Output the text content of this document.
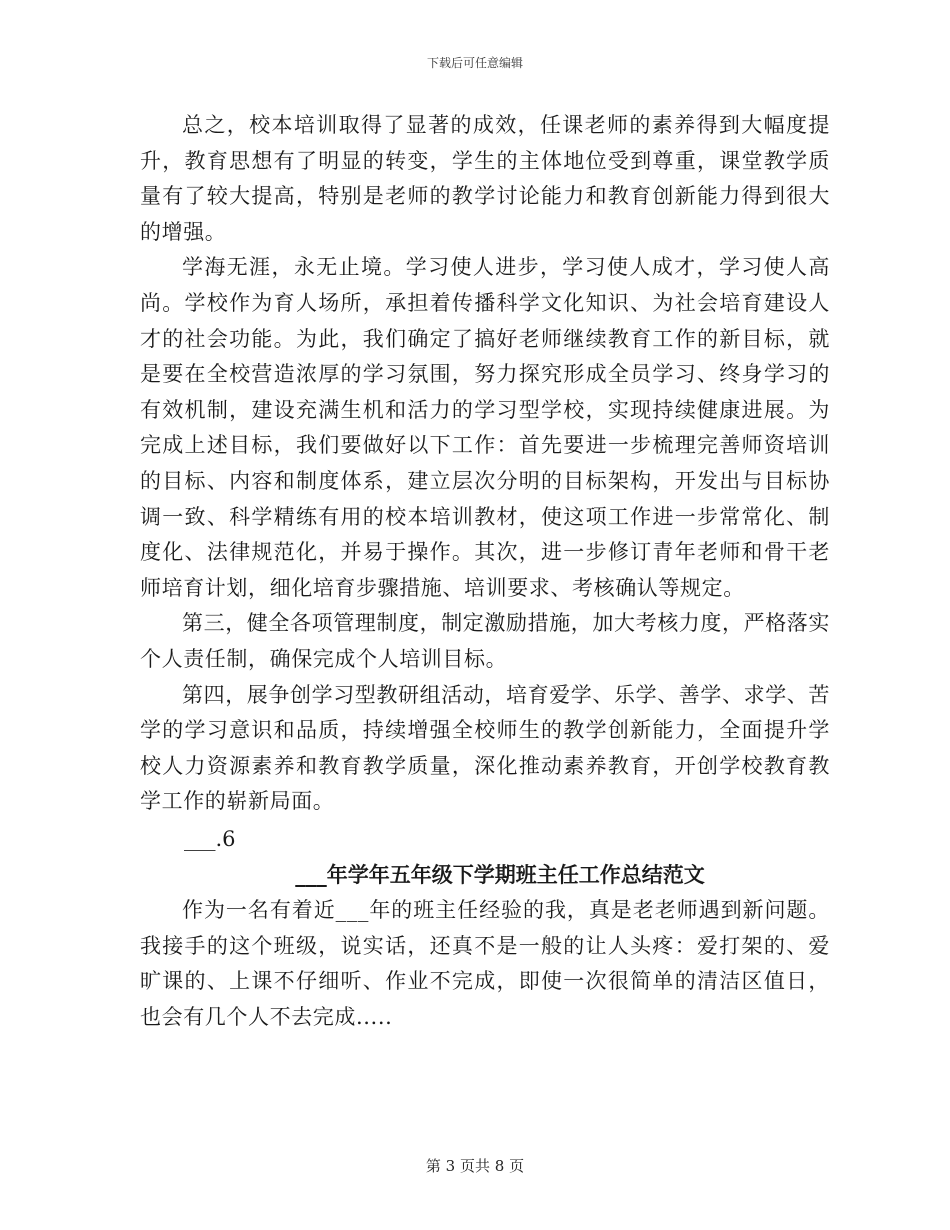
下载后可任意编辑

总之，校本培训取得了显著的成效，任课老师的素养得到大幅度提升，教育思想有了明显的转变，学生的主体地位受到尊重，课堂教学质量有了较大提高，特别是老师的教学讨论能力和教育创新能力得到很大的增强。

学海无涯，永无止境。学习使人进步，学习使人成才，学习使人高尚。学校作为育人场所，承担着传播科学文化知识、为社会培育建设人才的社会功能。为此，我们确定了搞好老师继续教育工作的新目标，就是要在全校营造浓厚的学习氛围，努力探究形成全员学习、终身学习的有效机制，建设充满生机和活力的学习型学校，实现持续健康进展。为完成上述目标，我们要做好以下工作：首先要进一步梳理完善师资培训的目标、内容和制度体系，建立层次分明的目标架构，开发出与目标协调一致、科学精练有用的校本培训教材，使这项工作进一步常常化、制度化、法律规范化，并易于操作。其次，进一步修订青年老师和骨干老师培育计划，细化培育步骤措施、培训要求、考核确认等规定。

第三，健全各项管理制度，制定激励措施，加大考核力度，严格落实个人责任制，确保完成个人培训目标。

第四，展争创学习型教研组活动，培育爱学、乐学、善学、求学、苦学的学习意识和品质，持续增强全校师生的教学创新能力，全面提升学校人力资源素养和教育教学质量，深化推动素养教育，开创学校教育教学工作的崭新局面。

___.6

___年学年五年级下学期班主任工作总结范文

作为一名有着近___年的班主任经验的我，真是老老师遇到新问题。我接手的这个班级，说实话，还真不是一般的让人头疼：爱打架的、爱旷课的、上课不仔细听、作业不完成，即使一次很简单的清洁区值日，也会有几个人不去完成.....

第 3 页共 8 页
